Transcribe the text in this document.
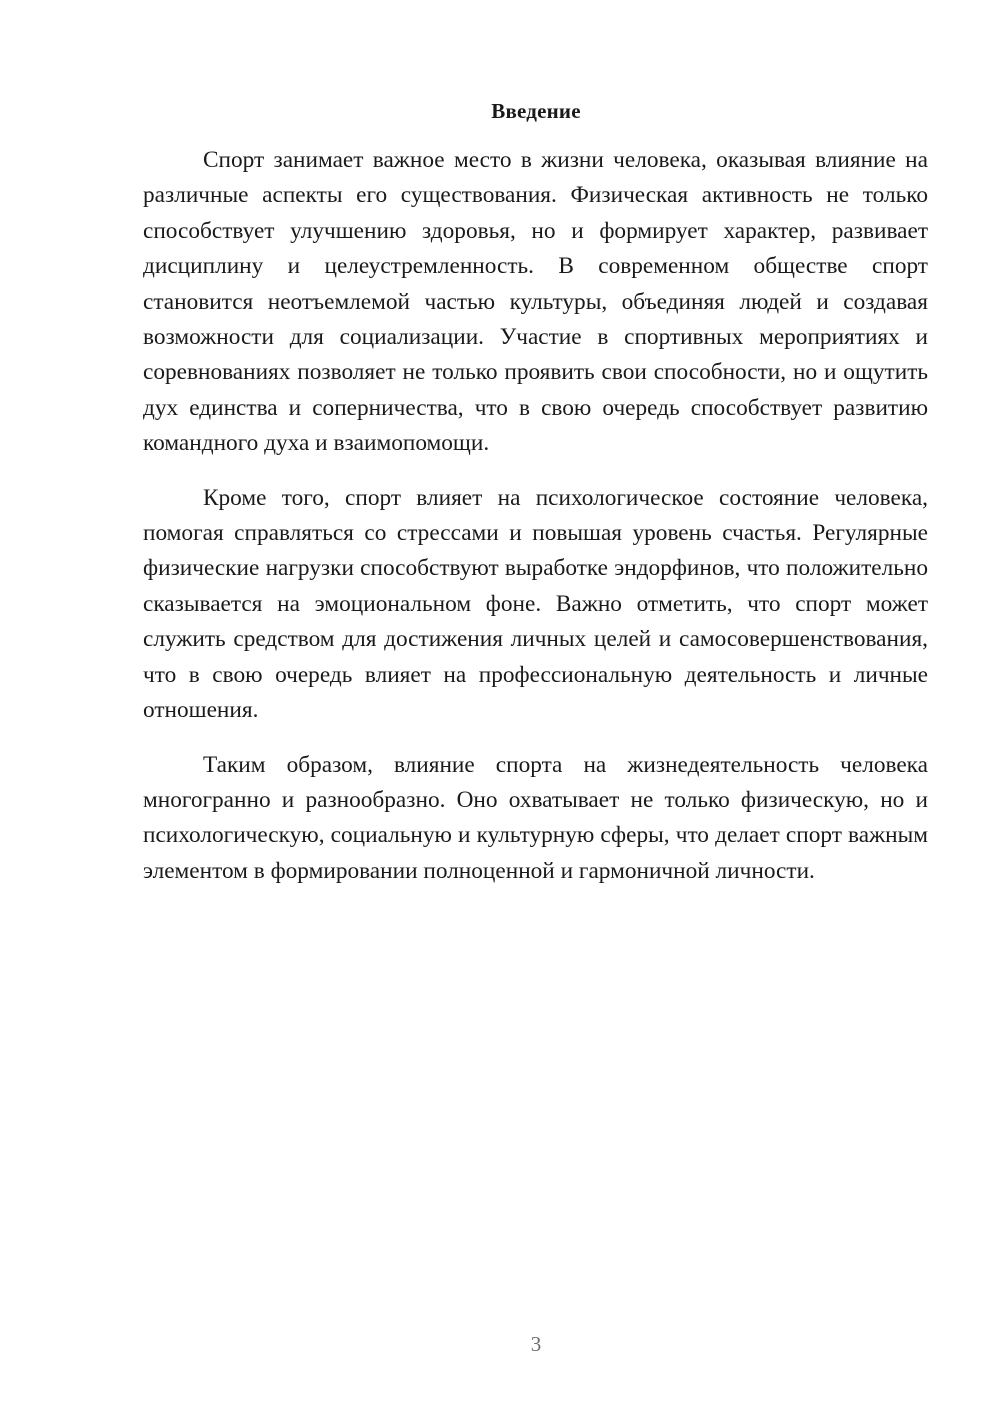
Введение

Спорт занимает важное место в жизни человека, оказывая влияние на различные аспекты его существования. Физическая активность не только способствует улучшению здоровья, но и формирует характер, развивает дисциплину и целеустремленность. В современном обществе спорт становится неотъемлемой частью культуры, объединяя людей и создавая возможности для социализации. Участие в спортивных мероприятиях и соревнованиях позволяет не только проявить свои способности, но и ощутить дух единства и соперничества, что в свою очередь способствует развитию командного духа и взаимопомощи.

Кроме того, спорт влияет на психологическое состояние человека, помогая справляться со стрессами и повышая уровень счастья. Регулярные физические нагрузки способствуют выработке эндорфинов, что положительно сказывается на эмоциональном фоне. Важно отметить, что спорт может служить средством для достижения личных целей и самосовершенствования, что в свою очередь влияет на профессиональную деятельность и личные отношения.

Таким образом, влияние спорта на жизнедеятельность человека многогранно и разнообразно. Оно охватывает не только физическую, но и психологическую, социальную и культурную сферы, что делает спорт важным элементом в формировании полноценной и гармоничной личности.

3
